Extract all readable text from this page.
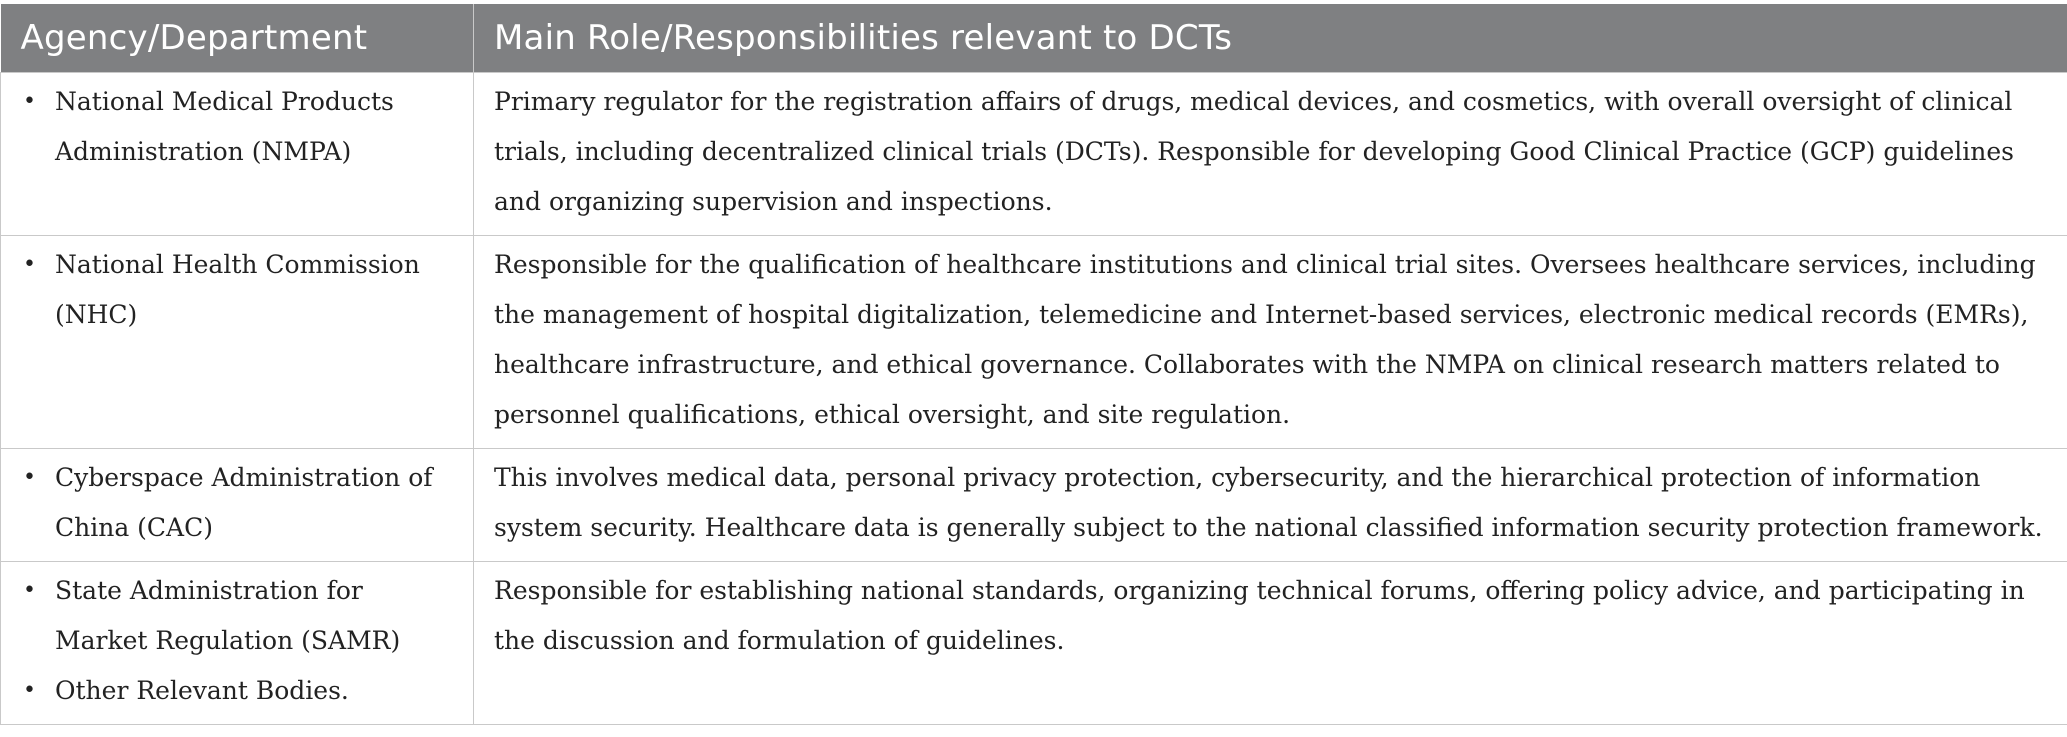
Agency/Department	Main Role/Responsibilities relevant to DCTs

• National Medical Products Administration (NMPA)	Primary regulator for the registration affairs of drugs, medical devices, and cosmetics, with overall oversight of clinical trials, including decentralized clinical trials (DCTs). Responsible for developing Good Clinical Practice (GCP) guidelines and organizing supervision and inspections.

• National Health Commission (NHC)	Responsible for the qualification of healthcare institutions and clinical trial sites. Oversees healthcare services, including the management of hospital digitalization, telemedicine and Internet-based services, electronic medical records (EMRs), healthcare infrastructure, and ethical governance. Collaborates with the NMPA on clinical research matters related to personnel qualifications, ethical oversight, and site regulation.

• Cyberspace Administration of China (CAC)	This involves medical data, personal privacy protection, cybersecurity, and the hierarchical protection of information system security. Healthcare data is generally subject to the national classified information security protection framework.

• State Administration for Market Regulation (SAMR)
• Other Relevant Bodies.	Responsible for establishing national standards, organizing technical forums, offering policy advice, and participating in the discussion and formulation of guidelines.
